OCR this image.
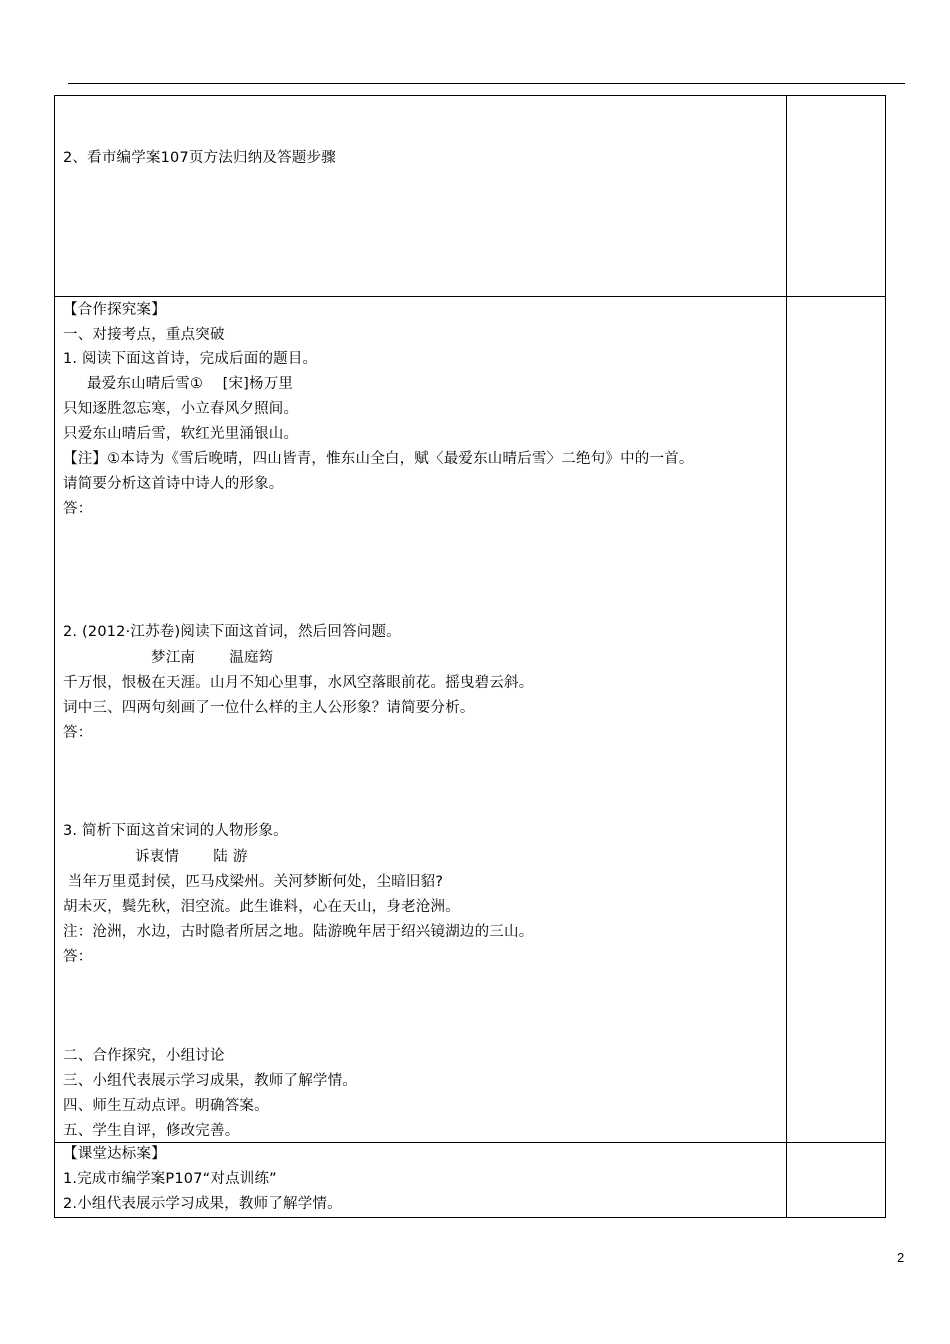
2、看市编学案107页方法归纳及答题步骤
【合作探究案】
一、对接考点，重点突破
1. 阅读下面这首诗，完成后面的题目。
最爱东山晴后雪①　 [宋]杨万里
只知逐胜忽忘寒，小立春风夕照间。
只爱东山晴后雪，软红光里涌银山。
【注】①本诗为《雪后晚晴，四山皆青，惟东山全白，赋〈最爱东山晴后雪〉二绝句》中的一首。
请简要分析这首诗中诗人的形象。
答：
2. (2012·江苏卷)阅读下面这首词，然后回答问题。
梦江南　　 温庭筠
千万恨，恨极在天涯。山月不知心里事，水风空落眼前花。摇曳碧云斜。
词中三、四两句刻画了一位什么样的主人公形象？请简要分析。
答：
3. 简析下面这首宋词的人物形象。
诉衷情　　 陆 游
当年万里觅封侯，匹马戍梁州。关河梦断何处，尘暗旧貂?
胡未灭，鬓先秋，泪空流。此生谁料，心在天山，身老沧洲。
注：沧洲，水边，古时隐者所居之地。陆游晚年居于绍兴镜湖边的三山。
答：
二、合作探究，小组讨论
三、小组代表展示学习成果，教师了解学情。
四、师生互动点评。明确答案。
五、学生自评，修改完善。
【课堂达标案】
1.完成市编学案P107“对点训练”
2.小组代表展示学习成果，教师了解学情。
2
